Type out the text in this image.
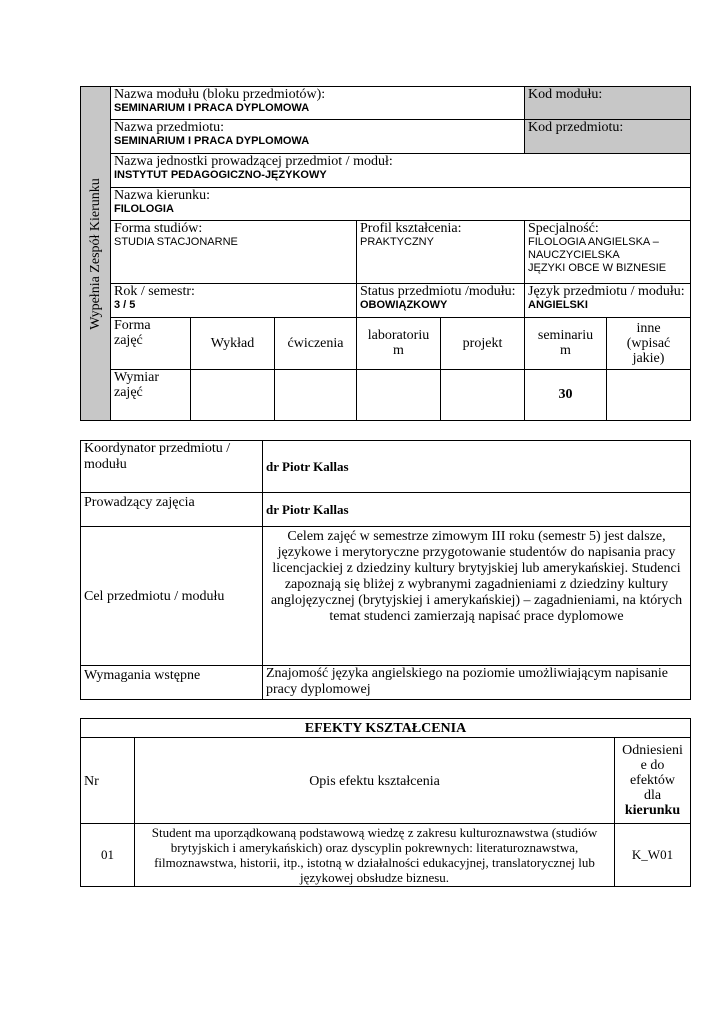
Wypełnia Zespół Kierunku	Nazwa modułu (bloku przedmiotów):
SEMINARIUM I PRACA DYPLOMOWA					Kod modułu:	

	Nazwa przedmiotu:
SEMINARIUM I PRACA DYPLOMOWA					Kod przedmiotu:	

	Nazwa jednostki prowadzącej przedmiot / moduł:
INSTYTUT PEDAGOGICZNO-JĘZYKOWY						

	Nazwa kierunku:
FILOLOGIA						

	Forma studiów:
STUDIA STACJONARNE			Profil kształcenia:
PRAKTYCZNY		Specjalność:
FILOLOGIA ANGIELSKA –
NAUCZYCIELSKA
JĘZYKI OBCE W BIZNESIE	

	Rok / semestr:
3 / 5			Status przedmiotu /modułu:
OBOWIĄZKOWY		Język przedmiotu / modułu:
ANGIELSKI	

	Forma
zajęć	Wykład	ćwiczenia	laboratoriu
m	projekt	seminariu
m	inne
(wpisać
jakie)

	Wymiar
zajęć					30	

Koordynator przedmiotu /
modułu	dr Piotr Kallas
Prowadzący zajęcia	dr Piotr Kallas
Cel przedmiotu / modułu	Celem zajęć w semestrze zimowym III roku (semestr 5) jest dalsze, językowe i merytoryczne przygotowanie studentów do napisania pracy licencjackiej z dziedziny kultury brytyjskiej lub amerykańskiej. Studenci zapoznają się bliżej z wybranymi zagadnieniami z dziedziny kultury anglojęzycznej (brytyjskiej i amerykańskiej) – zagadnieniami, na których temat studenci zamierzają napisać prace dyplomowe

Wymagania wstępne	Znajomość języka angielskiego na poziomie umożliwiającym napisanie pracy dyplomowej
EFEKTY KSZTAŁCENIA		
Nr	Opis efektu kształcenia	Odniesieni
e do
efektów
dla
kierunku

01	Student ma uporządkowaną podstawową wiedzę z zakresu kulturoznawstwa (studiów brytyjskich i amerykańskich) oraz dyscyplin pokrewnych: literaturoznawstwa, filmoznawstwa, historii, itp., istotną w działalności edukacyjnej, translatorycznej lub językowej obsłudze biznesu.	K_W01
